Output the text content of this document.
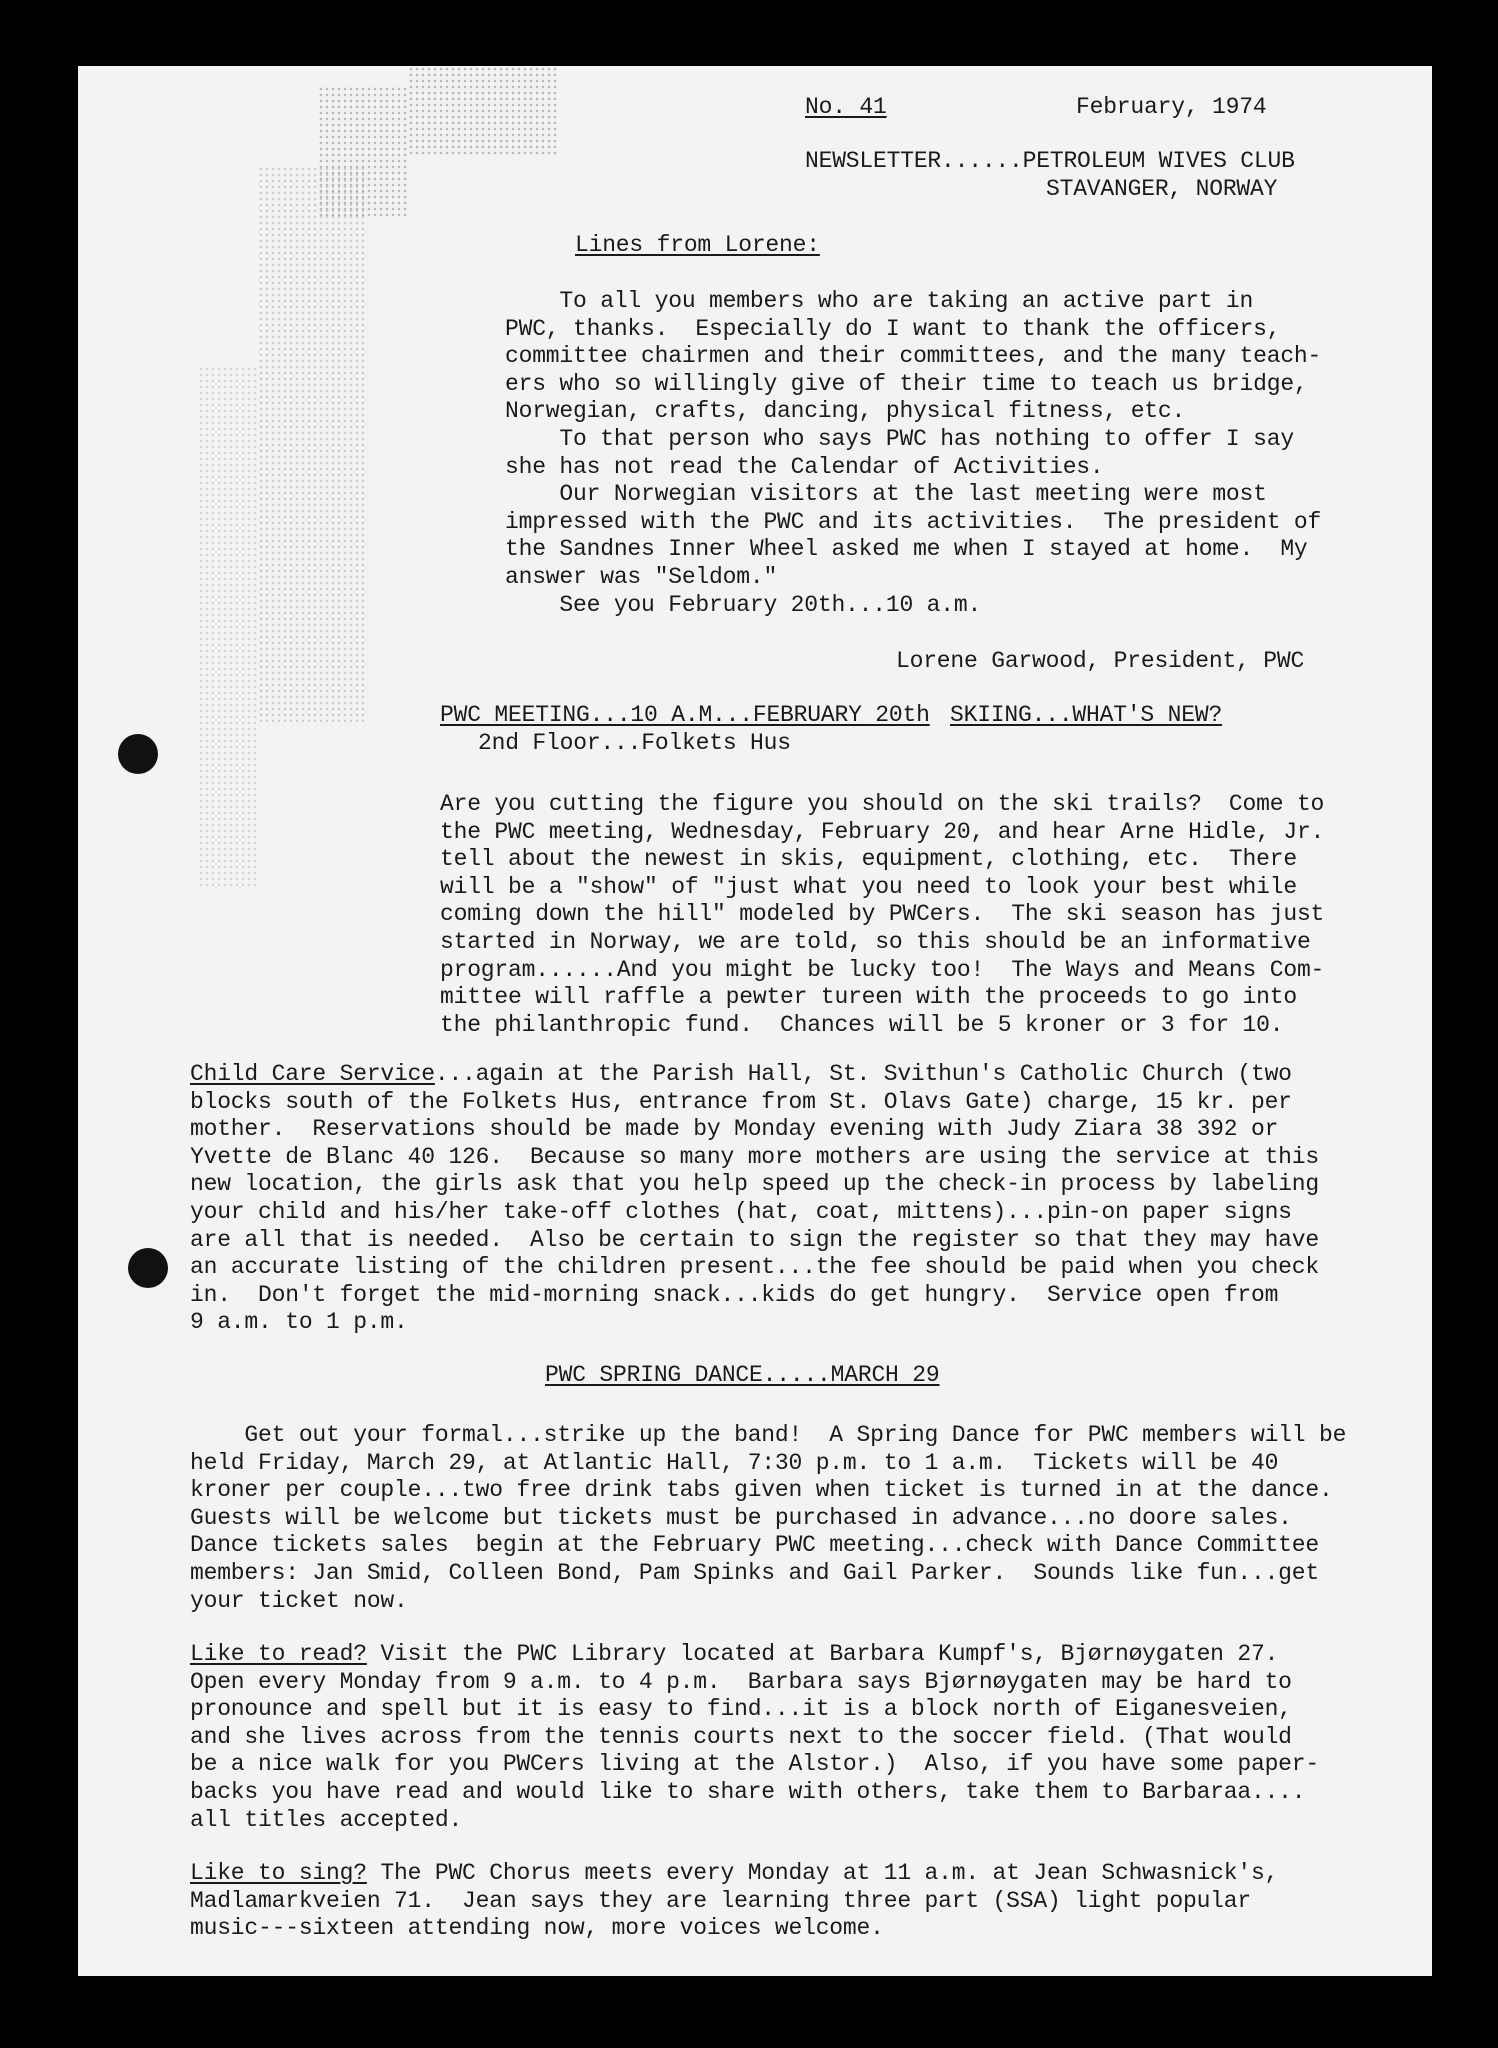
No. 41	February, 1974

NEWSLETTER......PETROLEUM WIVES CLUB

STAVANGER, NORWAY

Lines from Lorene:

To all you members who are taking an active part in

PWC, thanks.  Especially do I want to thank the officers,

committee chairmen and their committees, and the many teach-

ers who so willingly give of their time to teach us bridge,

Norwegian, crafts, dancing, physical fitness, etc.

To that person who says PWC has nothing to offer I say

she has not read the Calendar of Activities.

Our Norwegian visitors at the last meeting were most

impressed with the PWC and its activities.  The president of

the Sandnes Inner Wheel asked me when I stayed at home.  My

answer was "Seldom."

See you February 20th...10 a.m.

Lorene Garwood, President, PWC

PWC MEETING...10 A.M...FEBRUARY 20th SKIING...WHAT'S NEW?

2nd Floor...Folkets Hus

Are you cutting the figure you should on the ski trails?  Come to

the PWC meeting, Wednesday, February 20, and hear Arne Hidle, Jr.

tell about the newest in skis, equipment, clothing, etc.  There

will be a "show" of "just what you need to look your best while

coming down the hill" modeled by PWCers.  The ski season has just

started in Norway, we are told, so this should be an informative

program......And you might be lucky too!  The Ways and Means Com-

mittee will raffle a pewter tureen with the proceeds to go into

the philanthropic fund.  Chances will be 5 kroner or 3 for 10.

Child Care Service...again at the Parish Hall, St. Svithun's Catholic Church (two

blocks south of the Folkets Hus, entrance from St. Olavs Gate) charge, 15 kr. per

mother.  Reservations should be made by Monday evening with Judy Ziara 38 392 or

Yvette de Blanc 40 126.  Because so many more mothers are using the service at this

new location, the girls ask that you help speed up the check-in process by labeling

your child and his/her take-off clothes (hat, coat, mittens)...pin-on paper signs

are all that is needed.  Also be certain to sign the register so that they may have

an accurate listing of the children present...the fee should be paid when you check

in.  Don't forget the mid-morning snack...kids do get hungry.  Service open from

9 a.m. to 1 p.m.

PWC SPRING DANCE.....MARCH 29

Get out your formal...strike up the band!  A Spring Dance for PWC members will be

held Friday, March 29, at Atlantic Hall, 7:30 p.m. to 1 a.m.  Tickets will be 40

kroner per couple...two free drink tabs given when ticket is turned in at the dance.

Guests will be welcome but tickets must be purchased in advance...no doore sales.

Dance tickets sales  begin at the February PWC meeting...check with Dance Committee

members: Jan Smid, Colleen Bond, Pam Spinks and Gail Parker.  Sounds like fun...get

your ticket now.

Like to read? Visit the PWC Library located at Barbara Kumpf's, Bjørnøygaten 27.

Open every Monday from 9 a.m. to 4 p.m.  Barbara says Bjørnøygaten may be hard to

pronounce and spell but it is easy to find...it is a block north of Eiganesveien,

and she lives across from the tennis courts next to the soccer field. (That would

be a nice walk for you PWCers living at the Alstor.)  Also, if you have some paper-

backs you have read and would like to share with others, take them to Barbaraa....

all titles accepted.

Like to sing? The PWC Chorus meets every Monday at 11 a.m. at Jean Schwasnick's,

Madlamarkveien 71.  Jean says they are learning three part (SSA) light popular

music---sixteen attending now, more voices welcome.
